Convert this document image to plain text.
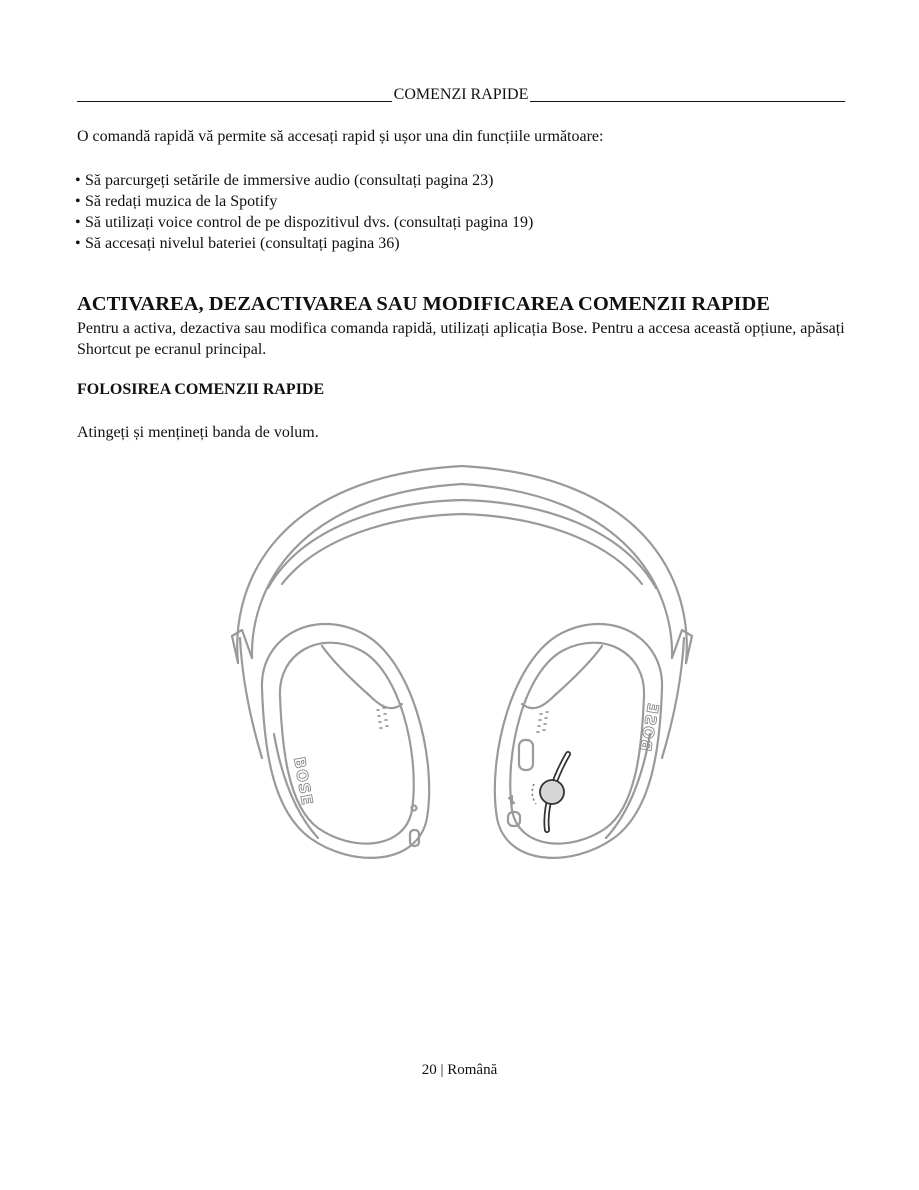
COMENZI RAPIDE

O comandă rapidă vă permite să accesați rapid și ușor una din funcțiile următoare:

• Să parcurgeți setările de immersive audio (consultați pagina 23)
• Să redați muzica de la Spotify
• Să utilizați voice control de pe dispozitivul dvs. (consultați pagina 19)
• Să accesați nivelul bateriei (consultați pagina 36)
ACTIVAREA, DEZACTIVAREA SAU MODIFICAREA COMENZII RAPIDE

Pentru a activa, dezactiva sau modifica comanda rapidă, utilizați aplicația Bose. Pentru a accesa această opțiune, apăsați Shortcut pe ecranul principal.

FOLOSIREA COMENZII RAPIDE

Atingeți și mențineți banda de volum.

BOSE
BOSE
20 | Română
